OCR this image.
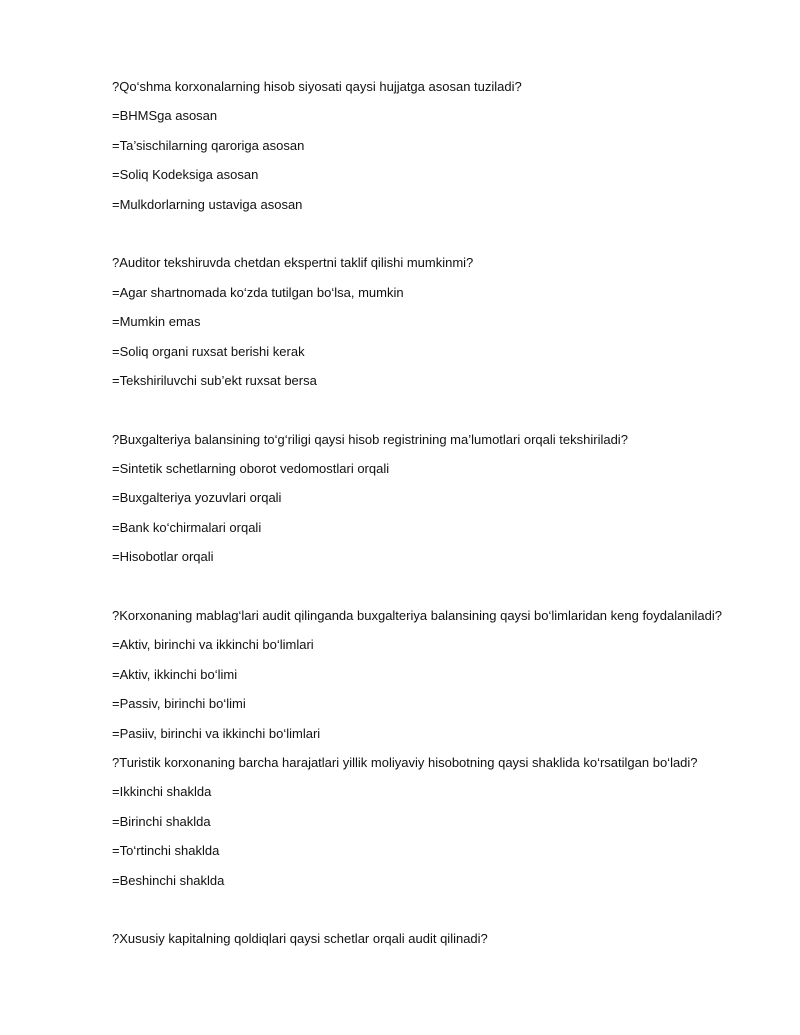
?Qo‘shma korxonalarning hisob siyosati qaysi hujjatga asosan tuziladi?
=BHMSga asosan
=Ta’sischilarning qaroriga asosan
=Soliq Kodeksiga asosan
=Mulkdorlarning ustaviga asosan
?Auditor tekshiruvda chetdan ekspertni taklif qilishi mumkinmi?
=Agar shartnomada ko‘zda tutilgan bo‘lsa, mumkin
=Mumkin emas
=Soliq organi ruxsat berishi kerak
=Tekshiriluvchi sub’ekt ruxsat bersa
?Buxgalteriya balansining to‘g‘riligi qaysi hisob registrining ma’lumotlari orqali tekshiriladi?
=Sintetik schetlarning oborot vedomostlari orqali
=Buxgalteriya yozuvlari orqali
=Bank ko‘chirmalari orqali
=Hisobotlar orqali
?Korxonaning mablag‘lari audit qilinganda buxgalteriya balansining qaysi bo‘limlaridan keng foydalaniladi?
=Aktiv, birinchi va ikkinchi bo‘limlari
=Aktiv, ikkinchi bo‘limi
=Passiv, birinchi bo‘limi
=Pasiiv, birinchi va ikkinchi bo‘limlari
?Turistik korxonaning barcha harajatlari yillik moliyaviy hisobotning qaysi shaklida ko‘rsatilgan bo‘ladi?
=Ikkinchi shaklda
=Birinchi shaklda
=To‘rtinchi shaklda
=Beshinchi shaklda
?Xususiy kapitalning qoldiqlari qaysi schetlar orqali audit qilinadi?
